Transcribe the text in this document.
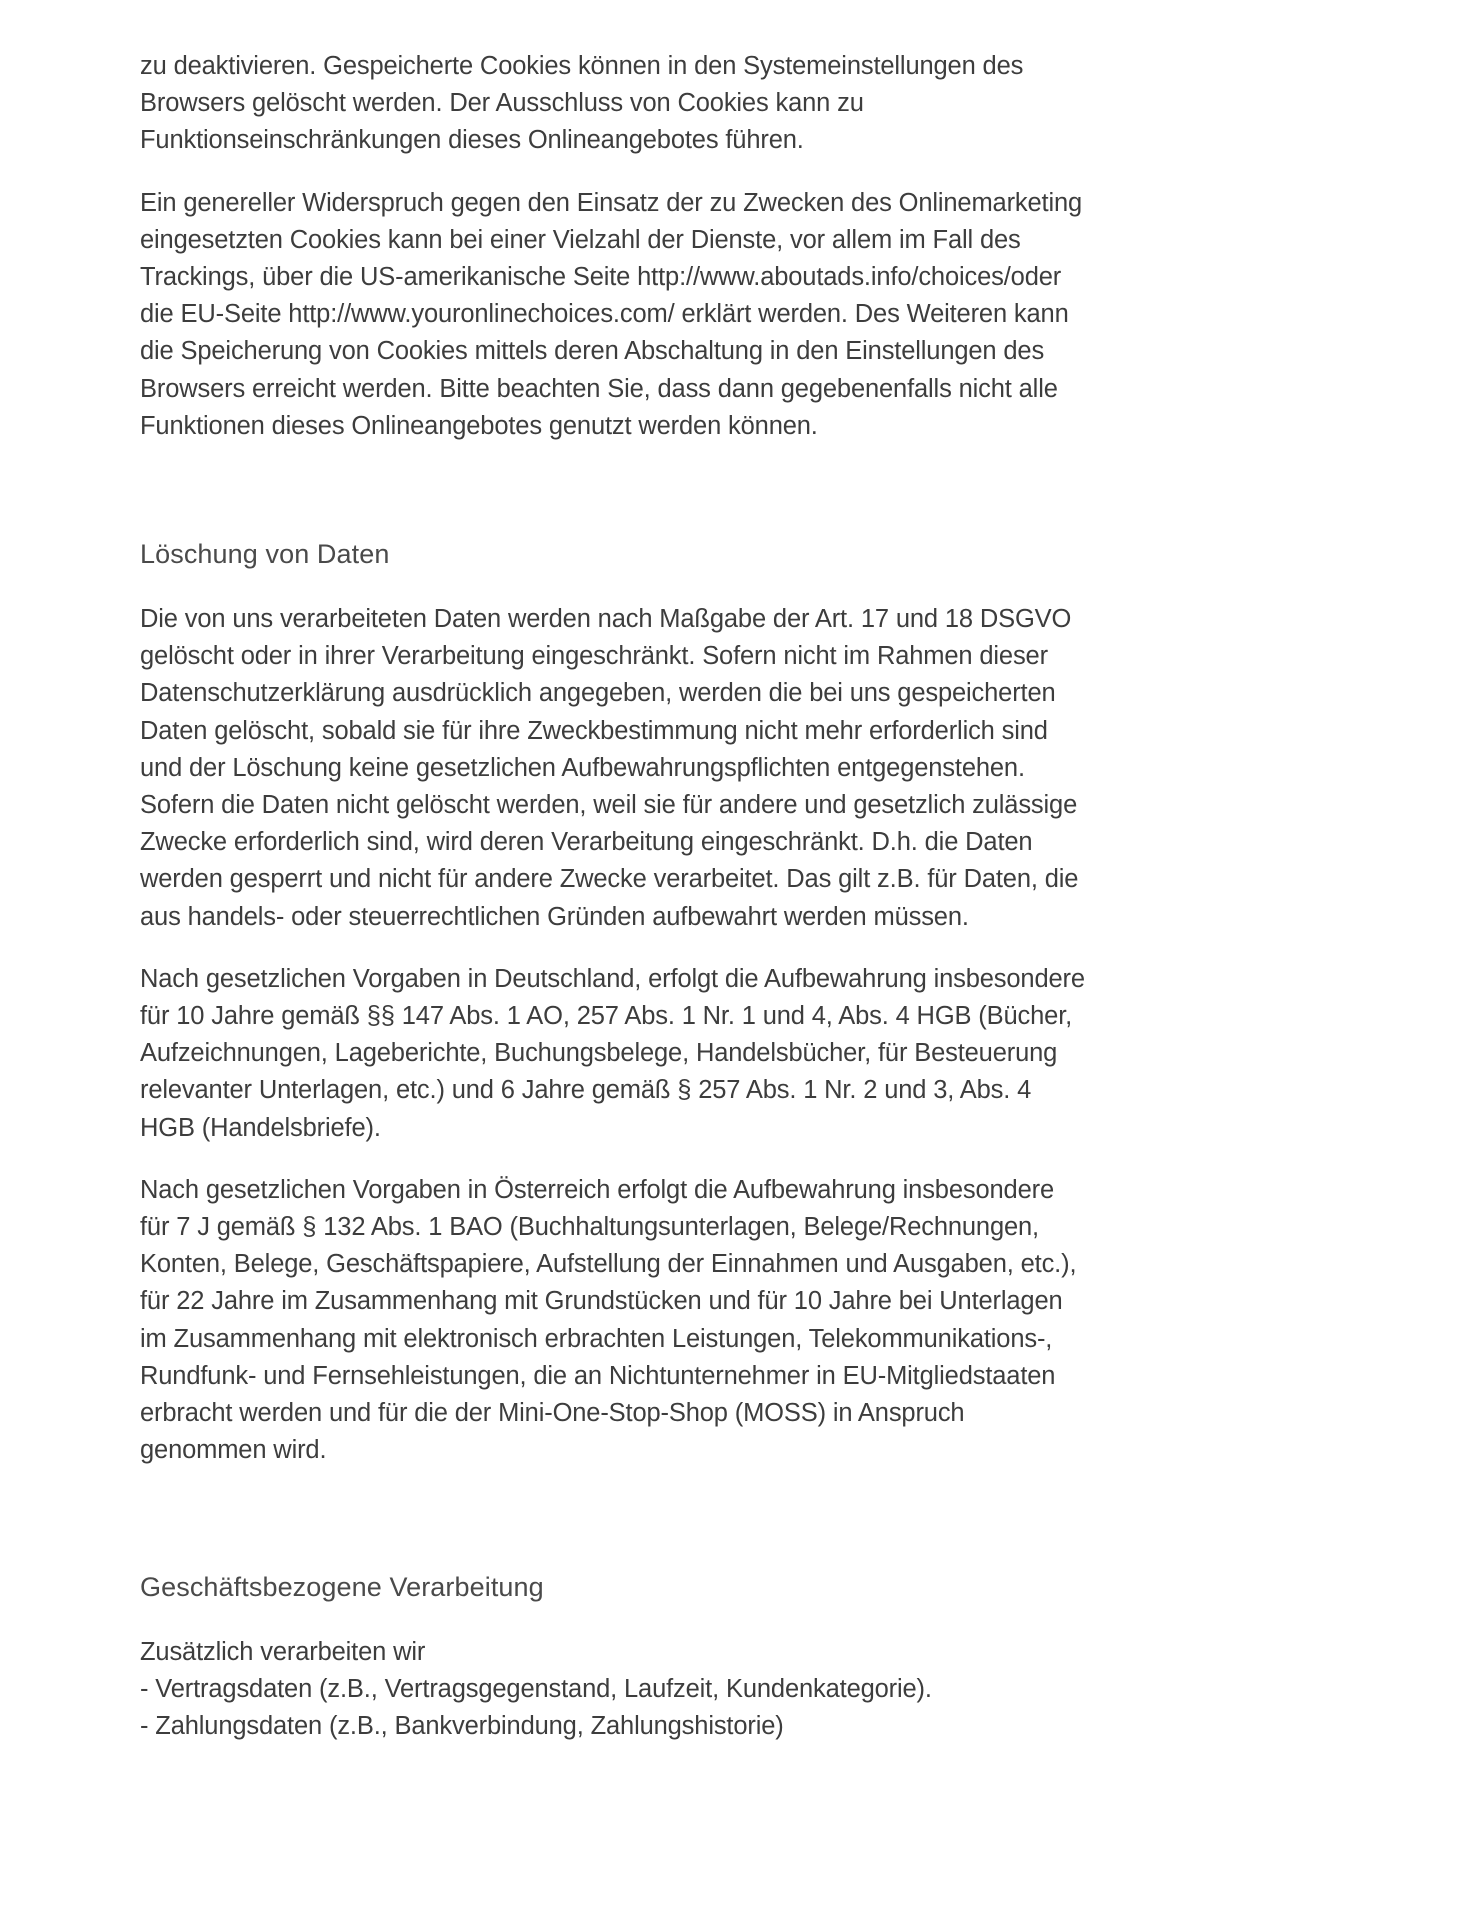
zu deaktivieren. Gespeicherte Cookies können in den Systemeinstellungen des Browsers gelöscht werden. Der Ausschluss von Cookies kann zu Funktionseinschränkungen dieses Onlineangebotes führen.

Ein genereller Widerspruch gegen den Einsatz der zu Zwecken des Onlinemarketing eingesetzten Cookies kann bei einer Vielzahl der Dienste, vor allem im Fall des Trackings, über die US-amerikanische Seite http://www.aboutads.info/choices/oder die EU-Seite http://www.youronlinechoices.com/ erklärt werden. Des Weiteren kann die Speicherung von Cookies mittels deren Abschaltung in den Einstellungen des Browsers erreicht werden. Bitte beachten Sie, dass dann gegebenenfalls nicht alle Funktionen dieses Onlineangebotes genutzt werden können.

Löschung von Daten

Die von uns verarbeiteten Daten werden nach Maßgabe der Art. 17 und 18 DSGVO gelöscht oder in ihrer Verarbeitung eingeschränkt. Sofern nicht im Rahmen dieser Datenschutzerklärung ausdrücklich angegeben, werden die bei uns gespeicherten Daten gelöscht, sobald sie für ihre Zweckbestimmung nicht mehr erforderlich sind und der Löschung keine gesetzlichen Aufbewahrungspflichten entgegenstehen. Sofern die Daten nicht gelöscht werden, weil sie für andere und gesetzlich zulässige Zwecke erforderlich sind, wird deren Verarbeitung eingeschränkt. D.h. die Daten werden gesperrt und nicht für andere Zwecke verarbeitet. Das gilt z.B. für Daten, die aus handels- oder steuerrechtlichen Gründen aufbewahrt werden müssen.

Nach gesetzlichen Vorgaben in Deutschland, erfolgt die Aufbewahrung insbesondere für 10 Jahre gemäß §§ 147 Abs. 1 AO, 257 Abs. 1 Nr. 1 und 4, Abs. 4 HGB (Bücher, Aufzeichnungen, Lageberichte, Buchungsbelege, Handelsbücher, für Besteuerung relevanter Unterlagen, etc.) und 6 Jahre gemäß § 257 Abs. 1 Nr. 2 und 3, Abs. 4 HGB (Handelsbriefe).

Nach gesetzlichen Vorgaben in Österreich erfolgt die Aufbewahrung insbesondere für 7 J gemäß § 132 Abs. 1 BAO (Buchhaltungsunterlagen, Belege/Rechnungen, Konten, Belege, Geschäftspapiere, Aufstellung der Einnahmen und Ausgaben, etc.), für 22 Jahre im Zusammenhang mit Grundstücken und für 10 Jahre bei Unterlagen im Zusammenhang mit elektronisch erbrachten Leistungen, Telekommunikations-, Rundfunk- und Fernsehleistungen, die an Nichtunternehmer in EU-Mitgliedstaaten erbracht werden und für die der Mini-One-Stop-Shop (MOSS) in Anspruch genommen wird.

Geschäftsbezogene Verarbeitung
Zusätzlich verarbeiten wir
- Vertragsdaten (z.B., Vertragsgegenstand, Laufzeit, Kundenkategorie).
- Zahlungsdaten (z.B., Bankverbindung, Zahlungshistorie)
